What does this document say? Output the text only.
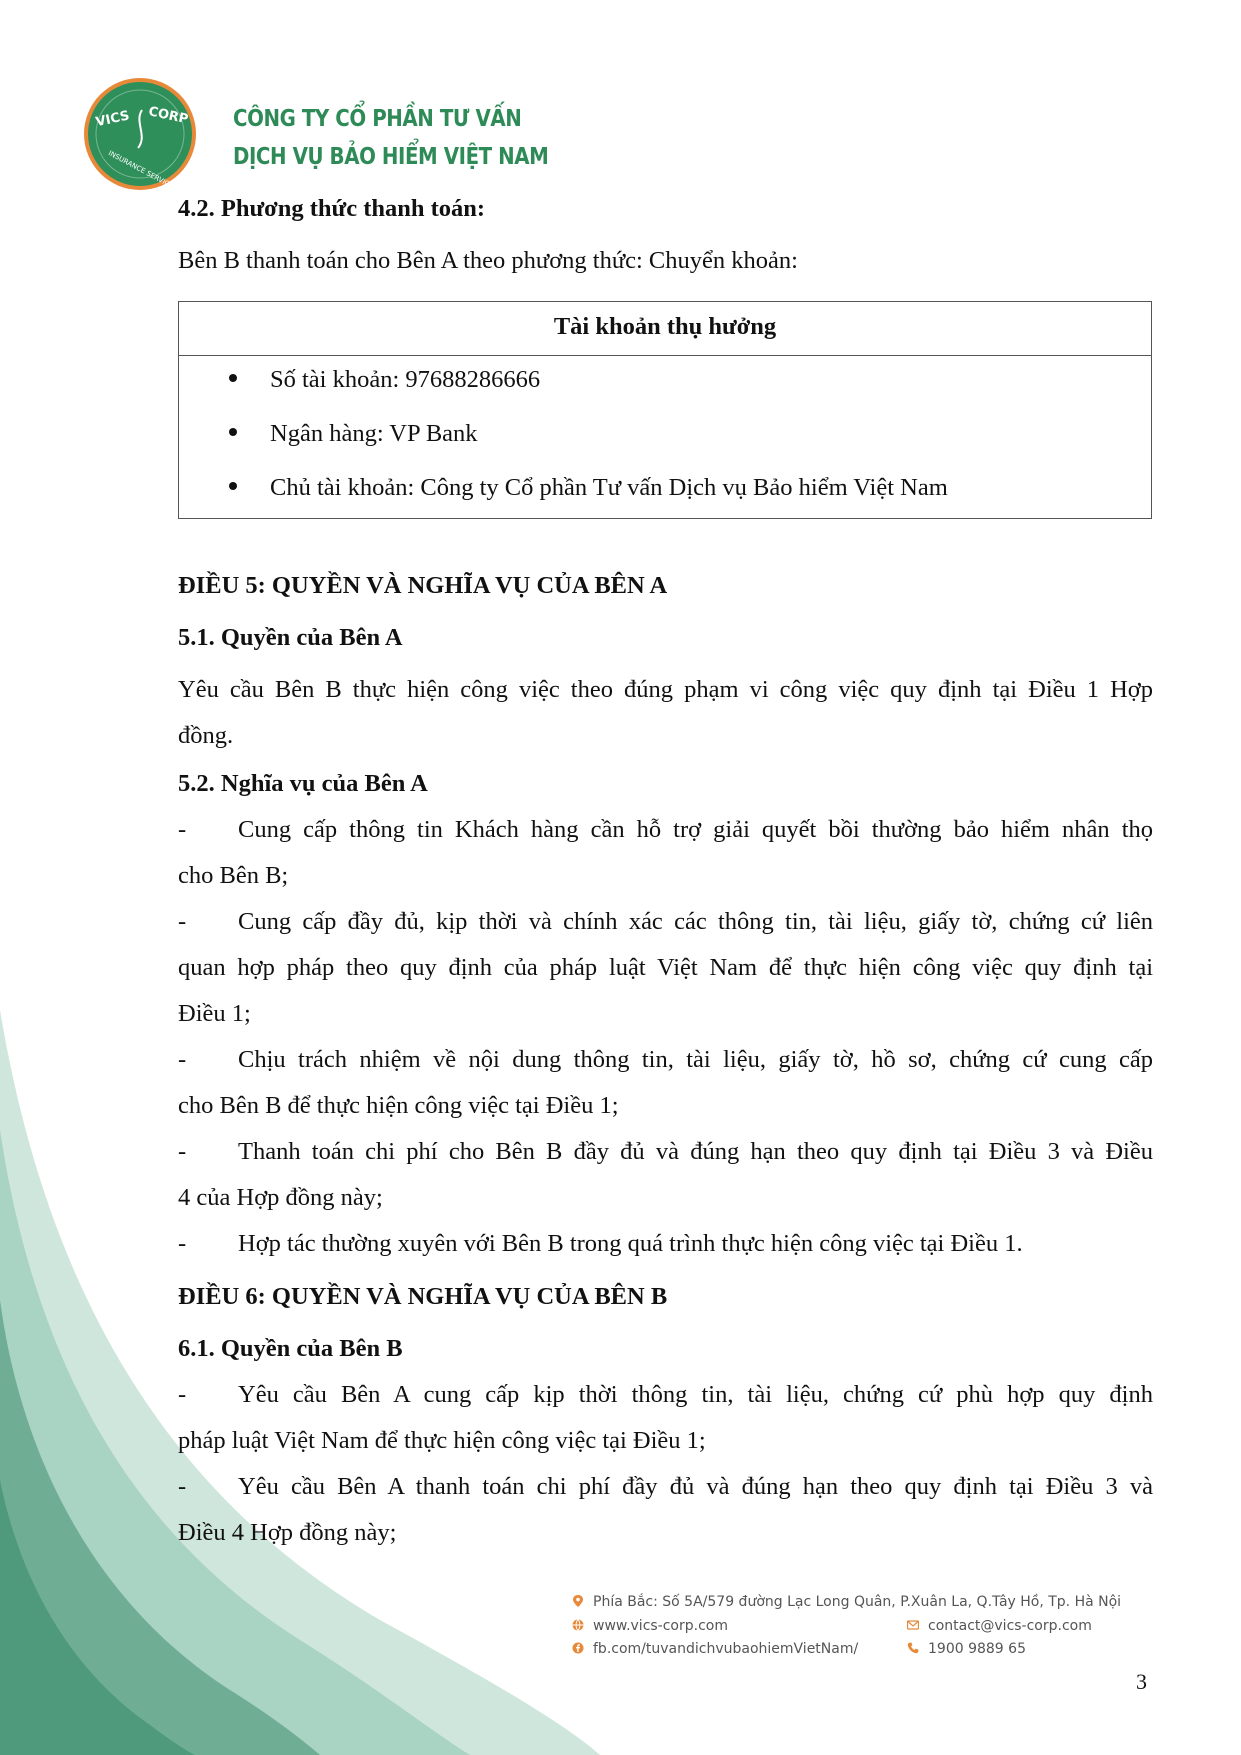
VICS CORP
INSURANCE SERVICES
CÔNG TY CỔ PHẦN TƯ VẤN
DỊCH VỤ BẢO HIỂM VIỆT NAM
4.2. Phương thức thanh toán:
Bên B thanh toán cho Bên A theo phương thức: Chuyển khoản:
Tài khoản thụ hưởng
Số tài khoản: 97688286666
Ngân hàng: VP Bank
Chủ tài khoản: Công ty Cổ phần Tư vấn Dịch vụ Bảo hiểm Việt Nam
ĐIỀU 5: QUYỀN VÀ NGHĨA VỤ CỦA BÊN A
5.1. Quyền của Bên A
Yêu cầu Bên B thực hiện công việc theo đúng phạm vi công việc quy định tại Điều 1 Hợp
đồng.
5.2. Nghĩa vụ của Bên A
- Cung cấp thông tin Khách hàng cần hỗ trợ giải quyết bồi thường bảo hiểm nhân thọ
cho Bên B;
- Cung cấp đầy đủ, kịp thời và chính xác các thông tin, tài liệu, giấy tờ, chứng cứ liên
quan hợp pháp theo quy định của pháp luật Việt Nam để thực hiện công việc quy định tại
Điều 1;
- Chịu trách nhiệm về nội dung thông tin, tài liệu, giấy tờ, hồ sơ, chứng cứ cung cấp
cho Bên B để thực hiện công việc tại Điều 1;
- Thanh toán chi phí cho Bên B đầy đủ và đúng hạn theo quy định tại Điều 3 và Điều
4 của Hợp đồng này;
- Hợp tác thường xuyên với Bên B trong quá trình thực hiện công việc tại Điều 1.
ĐIỀU 6: QUYỀN VÀ NGHĨA VỤ CỦA BÊN B
6.1. Quyền của Bên B
- Yêu cầu Bên A cung cấp kịp thời thông tin, tài liệu, chứng cứ phù hợp quy định
pháp luật Việt Nam để thực hiện công việc tại Điều 1;
- Yêu cầu Bên A thanh toán chi phí đầy đủ và đúng hạn theo quy định tại Điều 3 và
Điều 4 Hợp đồng này;
Phía Bắc: Số 5A/579 đường Lạc Long Quân, P.Xuân La, Q.Tây Hồ, Tp. Hà Nội
www.vics-corp.com	contact@vics-corp.com
fb.com/tuvandichvubaohiemVietNam/	1900 9889 65
3
